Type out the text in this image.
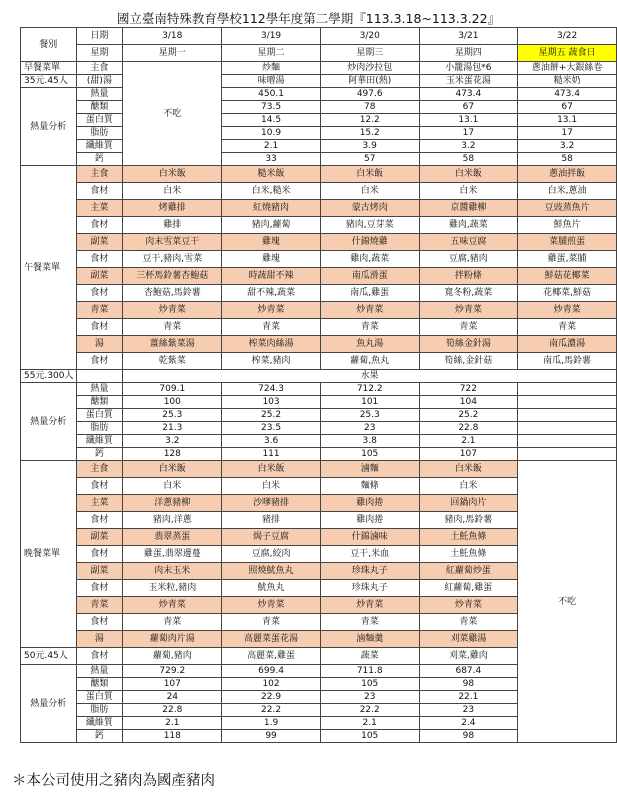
國立臺南特殊教育學校112學年度第二學期『113.3.18~113.3.22』
餐別	日期	3/18	3/19	3/20	3/21	3/22
	星期	星期一	星期二	星期三	星期四	星期五 蔬食日
早餐菜單	主食	不吃	炒麵	炒肉沙拉包	小籠湯包*6	蔥油餅+大銀絲卷
35元.45人	(甜)湯		味噌湯	阿華田(熱)	玉米蛋花湯	糙米奶
熱量分析	熱量		450.1	497.6	473.4	473.4
	醣類		73.5	78	67	67
	蛋白質		14.5	12.2	13.1	13.1
	脂肪		10.9	15.2	17	17
	纖維質		2.1	3.9	3.2	3.2
	鈣		33	57	58	58
午餐菜單	主食	白米飯	糙米飯	白米飯	白米飯	蔥油拌飯
	食材	白米	白米,糙米	白米	白米	白米,蔥油
	主菜	烤雞排	紅燒豬肉	蒙古烤肉	京醬雞柳	豆豉蒸魚片
	食材	雞排	豬肉,蘿蔔	豬肉,豆芽菜	雞肉,蔬菜	鮮魚片
	副菜	肉末雪菜豆干	雞塊	什錦燒雞	五味豆腐	菜脯煎蛋
	食材	豆干,豬肉,雪菜	雞塊	雞肉,蔬菜	豆腐,豬肉	雞蛋,菜脯
	副菜	三杯馬鈴薯杏鮑菇	時蔬甜不辣	南瓜滑蛋	拌粉條	鮮菇花椰菜
	食材	杏鮑菇,馬鈴薯	甜不辣,蔬菜	南瓜,雞蛋	寬冬粉,蔬菜	花椰菜,鮮菇
	青菜	炒青菜	炒青菜	炒青菜	炒青菜	炒青菜
	食材	青菜	青菜	青菜	青菜	青菜
	湯	薑絲紫菜湯	榨菜肉絲湯	魚丸湯	筍絲金針湯	南瓜濃湯
	食材	乾紫菜	榨菜,豬肉	蘿蔔,魚丸	筍絲,金針菇	南瓜,馬鈴薯
55元.300人		水果				
熱量分析	熱量	709.1	724.3	712.2	722	
	醣類	100	103	101	104	
	蛋白質	25.3	25.2	25.3	25.2	
	脂肪	21.3	23.5	23	22.8	
	纖維質	3.2	3.6	3.8	2.1	
	鈣	128	111	105	107	
晚餐菜單	主食	白米飯	白米飯	滷麵	白米飯	不吃
	食材	白米	白米	麵條	白米	
	主菜	洋蔥豬柳	沙嗲豬排	雞肉捲	回鍋肉片	
	食材	豬肉,洋蔥	豬排	雞肉捲	豬肉,馬鈴薯	
	副菜	翡翠蒸蛋	焗子豆腐	什錦滷味	土魠魚條	
	食材	雞蛋,翡翠邊蔓	豆腐,絞肉	豆干,米血	土魠魚條	
	副菜	肉末玉米	照燒魷魚丸	珍珠丸子	紅蘿蔔炒蛋	
	食材	玉米粒,豬肉	魷魚丸	珍珠丸子	紅蘿蔔,雞蛋	
	青菜	炒青菜	炒青菜	炒青菜	炒青菜	
	食材	青菜	青菜	青菜	青菜	
	湯	蘿蔔肉片湯	高麗菜蛋花湯	滷麵羹	刈菜雞湯	
50元.45人	食材	蘿蔔,豬肉	高麗菜,雞蛋	蔬菜	刈菜,雞肉	
熱量分析	熱量	729.2	699.4	711.8	687.4	
	醣類	107	102	105	98	
	蛋白質	24	22.9	23	22.1	
	脂肪	22.8	22.2	22.2	23	
	纖維質	2.1	1.9	2.1	2.4	
	鈣	118	99	105	98	
＊本公司使用之豬肉為國產豬肉
